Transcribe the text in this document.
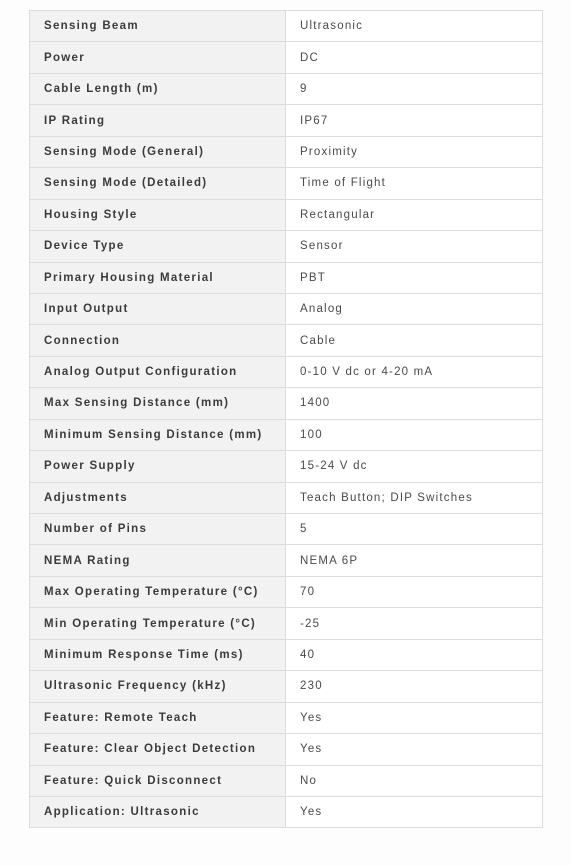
Sensing Beam	Ultrasonic
Power	DC
Cable Length (m)	9
IP Rating	IP67
Sensing Mode (General)	Proximity
Sensing Mode (Detailed)	Time of Flight
Housing Style	Rectangular
Device Type	Sensor
Primary Housing Material	PBT
Input Output	Analog
Connection	Cable
Analog Output Configuration	0-10 V dc or 4-20 mA
Max Sensing Distance (mm)	1400
Minimum Sensing Distance (mm)	100
Power Supply	15-24 V dc
Adjustments	Teach Button; DIP Switches
Number of Pins	5
NEMA Rating	NEMA 6P
Max Operating Temperature (°C)	70
Min Operating Temperature (°C)	-25
Minimum Response Time (ms)	40
Ultrasonic Frequency (kHz)	230
Feature: Remote Teach	Yes
Feature: Clear Object Detection	Yes
Feature: Quick Disconnect	No
Application: Ultrasonic	Yes
